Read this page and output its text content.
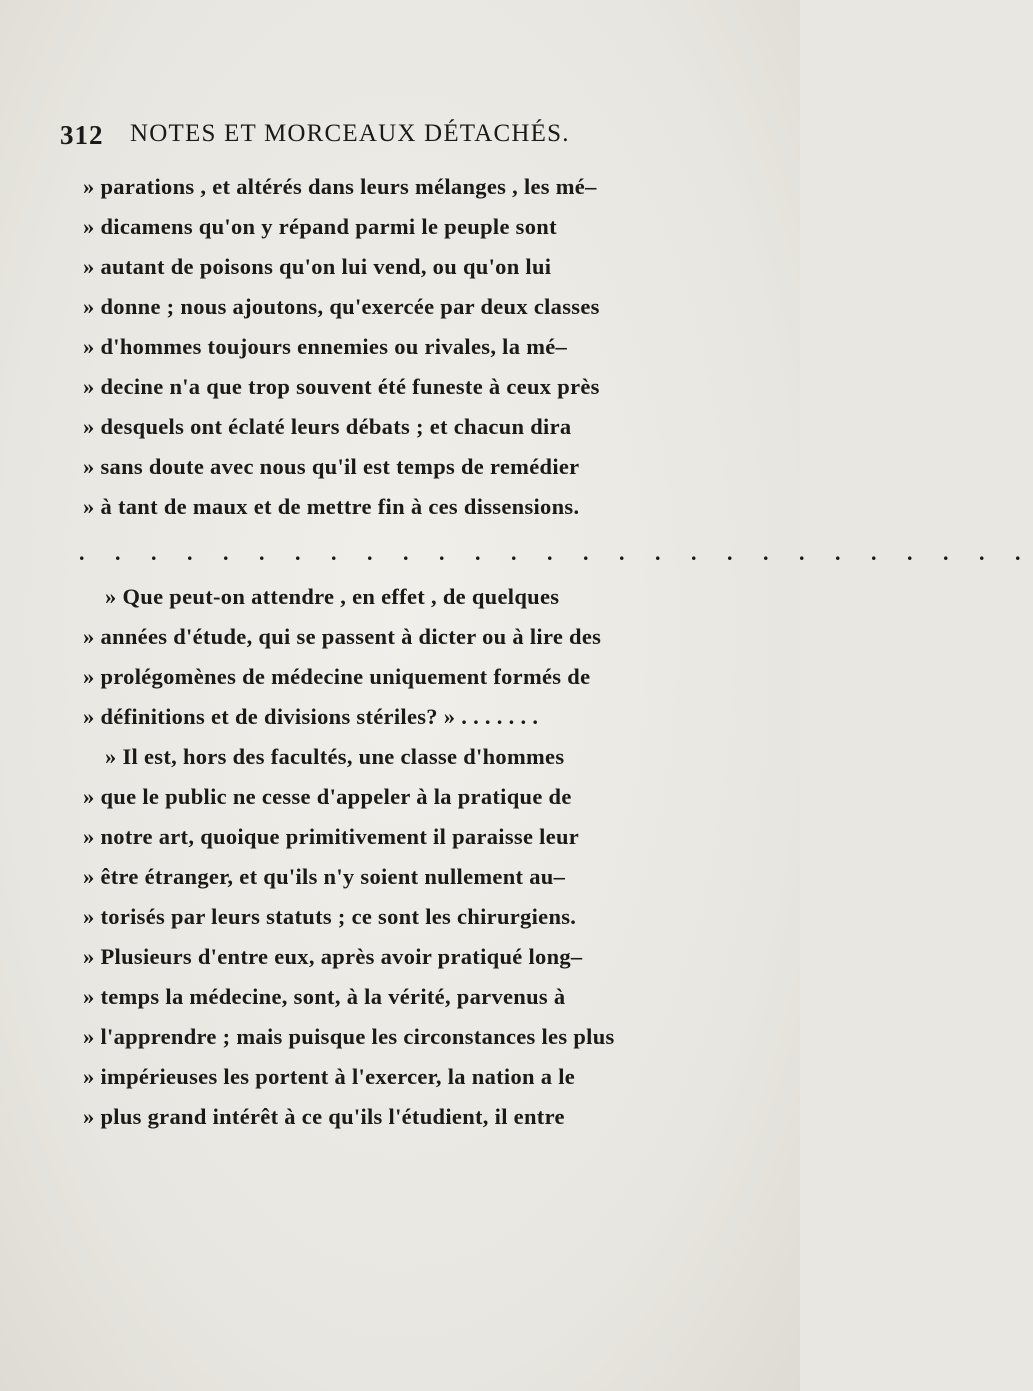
312 NOTES ET MORCEAUX DÉTACHÉS.
» parations , et altérés dans leurs mélanges , les mé–
» dicamens qu'on y répand parmi le peuple sont
» autant de poisons qu'on lui vend, ou qu'on lui
» donne ; nous ajoutons, qu'exercée par deux classes
» d'hommes toujours ennemies ou rivales, la mé–
» decine n'a que trop souvent été funeste à ceux près
» desquels ont éclaté leurs débats ; et chacun dira
» sans doute avec nous qu'il est temps de remédier
» à tant de maux et de mettre fin à ces dissensions.
. . . . . . . . . . . . . . . . . . . . . . . . . . .
» Que peut-on attendre , en effet , de quelques
» années d'étude, qui se passent à dicter ou à lire des
» prolégomènes de médecine uniquement formés de
» définitions et de divisions stériles? » . . . . . . .
» Il est, hors des facultés, une classe d'hommes
» que le public ne cesse d'appeler à la pratique de
» notre art, quoique primitivement il paraisse leur
» être étranger, et qu'ils n'y soient nullement au–
» torisés par leurs statuts ; ce sont les chirurgiens.
» Plusieurs d'entre eux, après avoir pratiqué long–
» temps la médecine, sont, à la vérité, parvenus à
» l'apprendre ; mais puisque les circonstances les plus
» impérieuses les portent à l'exercer, la nation a le
» plus grand intérêt à ce qu'ils l'étudient, il entre
